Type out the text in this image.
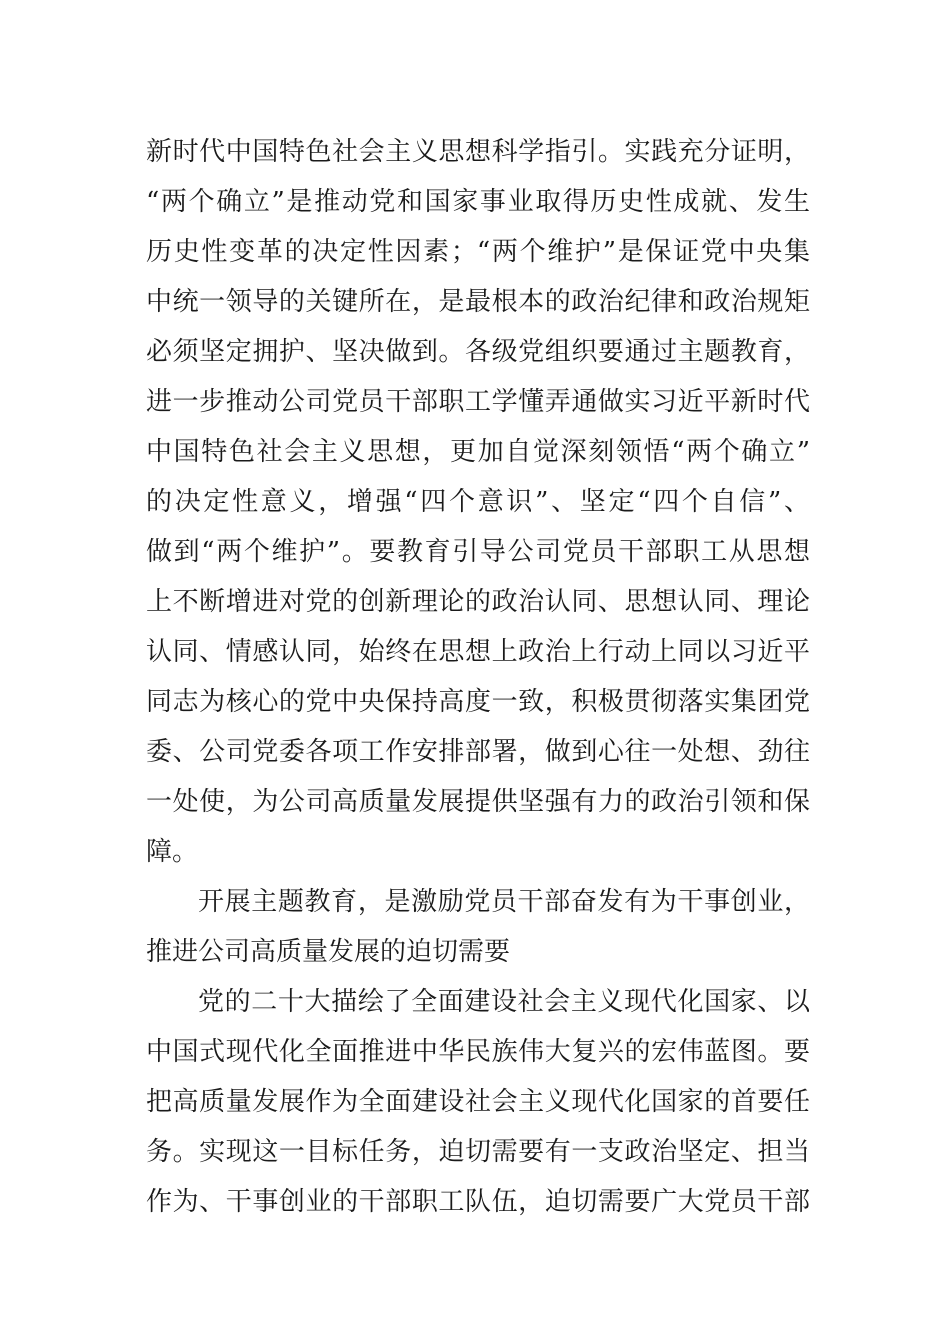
新时代中国特色社会主义思想科学指引。实践充分证明，
“两个确立”是推动党和国家事业取得历史性成就、发生
历史性变革的决定性因素；“两个维护”是保证党中央集
中统一领导的关键所在，是最根本的政治纪律和政治规矩
必须坚定拥护、坚决做到。各级党组织要通过主题教育，
进一步推动公司党员干部职工学懂弄通做实习近平新时代
中国特色社会主义思想，更加自觉深刻领悟“两个确立”
的决定性意义，增强“四个意识”、坚定“四个自信”、
做到“两个维护”。要教育引导公司党员干部职工从思想
上不断增进对党的创新理论的政治认同、思想认同、理论
认同、情感认同，始终在思想上政治上行动上同以习近平
同志为核心的党中央保持高度一致，积极贯彻落实集团党
委、公司党委各项工作安排部署，做到心往一处想、劲往
一处使，为公司高质量发展提供坚强有力的政治引领和保
障。
开展主题教育，是激励党员干部奋发有为干事创业，
推进公司高质量发展的迫切需要
党的二十大描绘了全面建设社会主义现代化国家、以
中国式现代化全面推进中华民族伟大复兴的宏伟蓝图。要
把高质量发展作为全面建设社会主义现代化国家的首要任
务。实现这一目标任务，迫切需要有一支政治坚定、担当
作为、干事创业的干部职工队伍，迫切需要广大党员干部
